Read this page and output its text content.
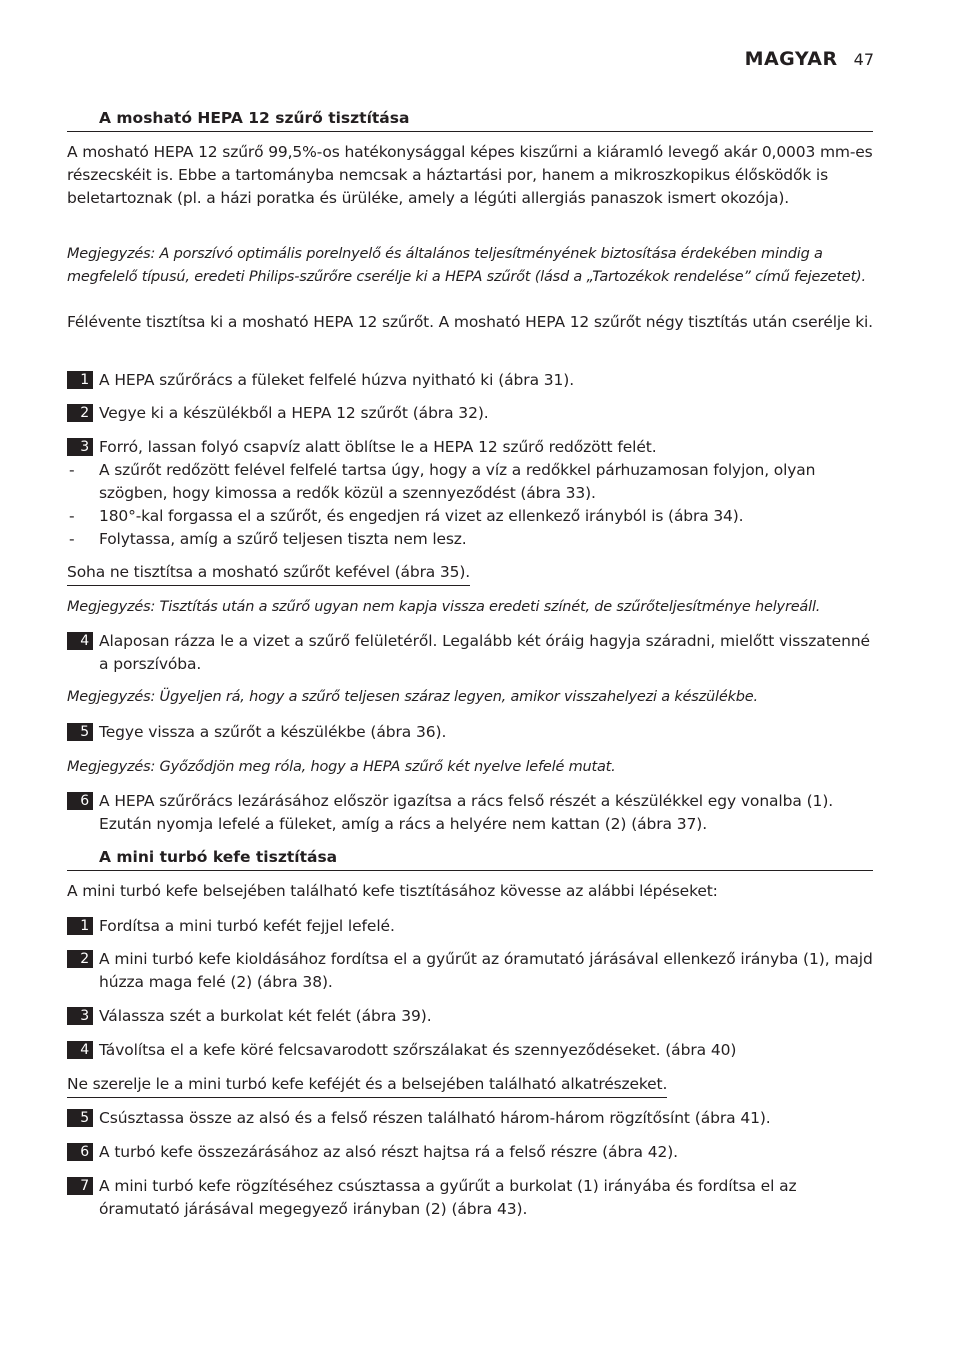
MAGYAR 47
A mosható HEPA 12 szűrő tisztítása
A mosható HEPA 12 szűrő 99,5%-os hatékonysággal képes kiszűrni a kiáramló levegő akár 0,0003 mm-es részecskéit is. Ebbe a tartományba nemcsak a háztartási por, hanem a mikroszkopikus élősködők is beletartoznak (pl. a házi poratka és ürüléke, amely a légúti allergiás panaszok ismert okozója).
Megjegyzés: A porszívó optimális porelnyelő és általános teljesítményének biztosítása érdekében mindig a megfelelő típusú, eredeti Philips-szűrőre cserélje ki a HEPA szűrőt (lásd a „Tartozékok rendelése” című fejezetet).
Félévente tisztítsa ki a mosható HEPA 12 szűrőt. A mosható HEPA 12 szűrőt négy tisztítás után cserélje ki.
1 A HEPA szűrőrács a füleket felfelé húzva nyitható ki (ábra 31).
2 Vegye ki a készülékből a HEPA 12 szűrőt (ábra 32).
3 Forró, lassan folyó csapvíz alatt öblítse le a HEPA 12 szűrő redőzött felét.
- A szűrőt redőzött felével felfelé tartsa úgy, hogy a víz a redőkkel párhuzamosan folyjon, olyan szögben, hogy kimossa a redők közül a szennyeződést (ábra 33).
- 180°-kal forgassa el a szűrőt, és engedjen rá vizet az ellenkező irányból is (ábra 34).
- Folytassa, amíg a szűrő teljesen tiszta nem lesz.
Soha ne tisztítsa a mosható szűrőt kefével (ábra 35).
Megjegyzés: Tisztítás után a szűrő ugyan nem kapja vissza eredeti színét, de szűrőteljesítménye helyreáll.
4 Alaposan rázza le a vizet a szűrő felületéről. Legalább két óráig hagyja száradni, mielőtt visszatenné a porszívóba.
Megjegyzés: Ügyeljen rá, hogy a szűrő teljesen száraz legyen, amikor visszahelyezi a készülékbe.
5 Tegye vissza a szűrőt a készülékbe (ábra 36).
Megjegyzés: Győződjön meg róla, hogy a HEPA szűrő két nyelve lefelé mutat.
6 A HEPA szűrőrács lezárásához először igazítsa a rács felső részét a készülékkel egy vonalba (1). Ezután nyomja lefelé a füleket, amíg a rács a helyére nem kattan (2) (ábra 37).
A mini turbó kefe tisztítása
A mini turbó kefe belsejében található kefe tisztításához kövesse az alábbi lépéseket:
1 Fordítsa a mini turbó kefét fejjel lefelé.
2 A mini turbó kefe kioldásához fordítsa el a gyűrűt az óramutató járásával ellenkező irányba (1), majd húzza maga felé (2) (ábra 38).
3 Válassza szét a burkolat két felét (ábra 39).
4 Távolítsa el a kefe köré felcsavarodott szőrszálakat és szennyeződéseket. (ábra 40)
Ne szerelje le a mini turbó kefe keféjét és a belsejében található alkatrészeket.
5 Csúsztassa össze az alsó és a felső részen található három-három rögzítősínt (ábra 41).
6 A turbó kefe összezárásához az alsó részt hajtsa rá a felső részre (ábra 42).
7 A mini turbó kefe rögzítéséhez csúsztassa a gyűrűt a burkolat (1) irányába és fordítsa el az óramutató járásával megegyező irányban (2) (ábra 43).
